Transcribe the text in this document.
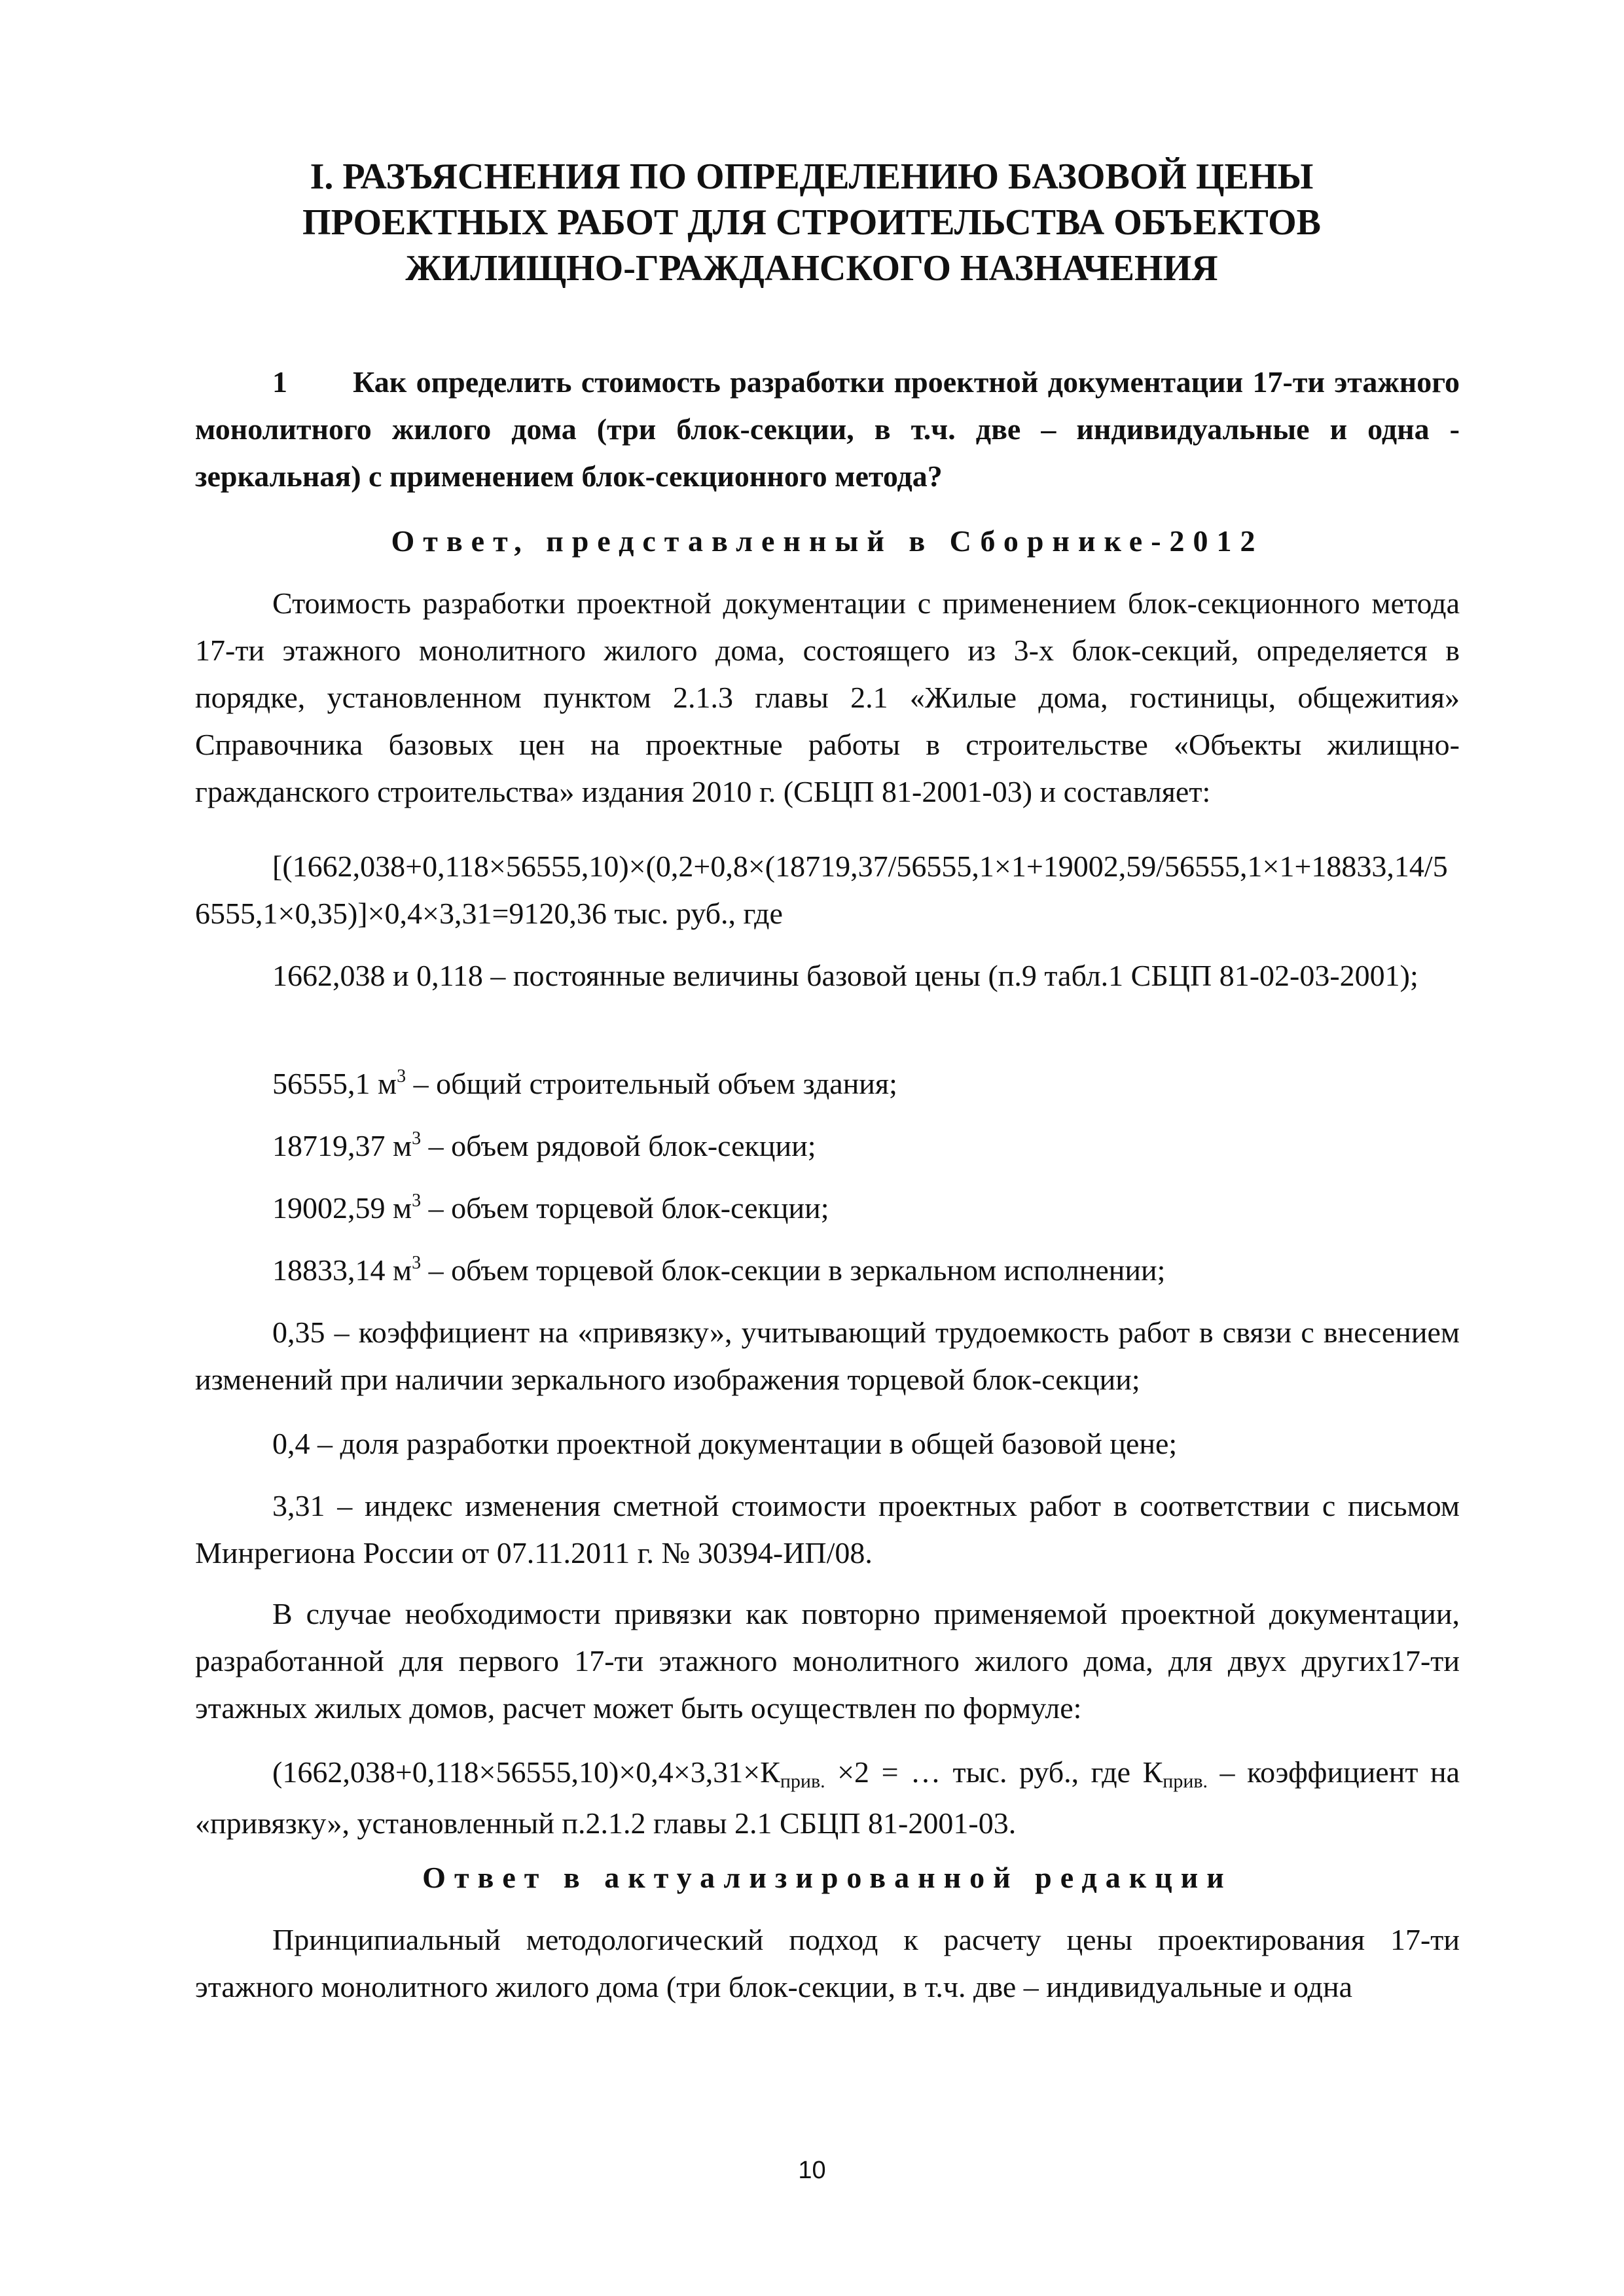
I. РАЗЪЯСНЕНИЯ ПО ОПРЕДЕЛЕНИЮ БАЗОВОЙ ЦЕНЫ
ПРОЕКТНЫХ РАБОТ ДЛЯ СТРОИТЕЛЬСТВА ОБЪЕКТОВ
ЖИЛИЩНО-ГРАЖДАНСКОГО НАЗНАЧЕНИЯ

1 Как определить стоимость разработки проектной документации 17-ти этажного монолитного жилого дома (три блок-секции, в т.ч. две – индивидуальные и одна - зеркальная) с применением блок-секционного метода?

Ответ, представленный в Сборнике-2012

Стоимость разработки проектной документации с применением блок-секционного метода 17-ти этажного монолитного жилого дома, состоящего из 3-х блок-секций, определяется в порядке, установленном пунктом 2.1.3 главы 2.1 «Жилые дома, гостиницы, общежития» Справочника базовых цен на проектные работы в строительстве «Объекты жилищно-гражданского строительства» издания 2010 г. (СБЦП 81-2001-03) и составляет:

[(1662,038+0,118×56555,10)×(0,2+0,8×(18719,37/56555,1×1+19002,59/56555,1×1+18833,14/56555,1×0,35)]×0,4×3,31=9120,36 тыс. руб., где

1662,038 и 0,118 – постоянные величины базовой цены (п.9 табл.1 СБЦП 81-02-03-2001);

56555,1 $м^3$ – общий строительный объем здания;

18719,37 $м^3$ – объем рядовой блок-секции;

19002,59 $м^3$ – объем торцевой блок-секции;

18833,14 $м^3$ – объем торцевой блок-секции в зеркальном исполнении;

0,35 – коэффициент на «привязку», учитывающий трудоемкость работ в связи с внесением изменений при наличии зеркального изображения торцевой блок-секции;

0,4 – доля разработки проектной документации в общей базовой цене;

3,31 – индекс изменения сметной стоимости проектных работ в соответствии с письмом Минрегиона России от 07.11.2011 г. № 30394-ИП/08.

В случае необходимости привязки как повторно применяемой проектной документации, разработанной для первого 17-ти этажного монолитного жилого дома, для двух других17-ти этажных жилых домов, расчет может быть осуществлен по формуле:

$(1662,038+0,118\times 56555,10)\times 0,4\times 3,31\times К_{прив.} \times 2$ = … тыс. руб., где $К_{прив.}$ – коэффициент на «привязку», установленный п.2.1.2 главы 2.1 СБЦП 81-2001-03.

Ответ в актуализированной редакции

Принципиальный методологический подход к расчету цены проектирования 17-ти этажного монолитного жилого дома (три блок-секции, в т.ч. две – индивидуальные и одна

10
